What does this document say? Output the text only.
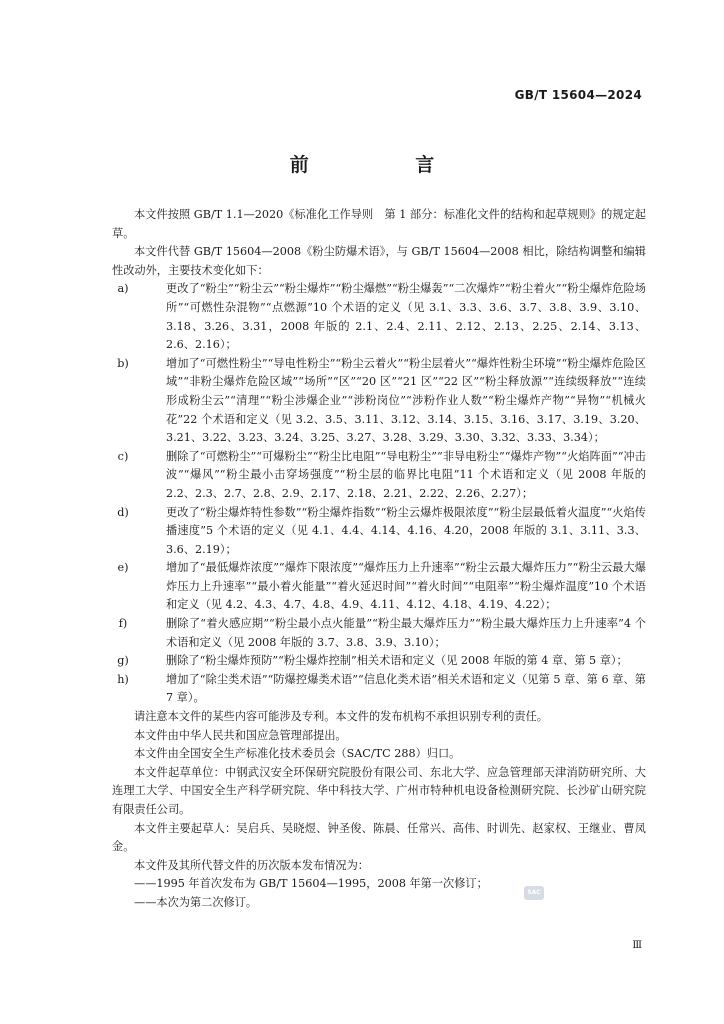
GB/T 15604—2024
前 言

本文件按照 GB/T 1.1—2020《标准化工作导则　第 1 部分：标准化文件的结构和起草规则》的规定起草。

本文件代替 GB/T 15604—2008《粉尘防爆术语》，与 GB/T 15604—2008 相比，除结构调整和编辑性改动外，主要技术变化如下：

a)	更改了“粉尘”“粉尘云”“粉尘爆炸”“粉尘爆燃”“粉尘爆轰”“二次爆炸”“粉尘着火”“粉尘爆炸危险场所”“可燃性杂混物”“点燃源”10 个术语的定义（见 3.1、3.3、3.6、3.7、3.8、3.9、3.10、3.18、3.26、3.31，2008 年版的 2.1、2.4、2.11、2.12、2.13、2.25、2.14、3.13、2.6、2.16）；
b)	增加了“可燃性粉尘”“导电性粉尘”“粉尘云着火”“粉尘层着火”“爆炸性粉尘环境”“粉尘爆炸危险区域”“非粉尘爆炸危险区域”“场所”“区”“20 区”“21 区”“22 区”“粉尘释放源”“连续级释放”“连续形成粉尘云”“清理”“粉尘涉爆企业”“涉粉岗位”“涉粉作业人数”“粉尘爆炸产物”“异物”“机械火花”22 个术语和定义（见 3.2、3.5、3.11、3.12、3.14、3.15、3.16、3.17、3.19、3.20、3.21、3.22、3.23、3.24、3.25、3.27、3.28、3.29、3.30、3.32、3.33、3.34）；
c)	删除了“可燃粉尘”“可爆粉尘”“粉尘比电阻”“导电粉尘”“非导电粉尘”“爆炸产物”“火焰阵面”“冲击波”“爆风”“粉尘最小击穿场强度”“粉尘层的临界比电阻”11 个术语和定义（见 2008 年版的 2.2、2.3、2.7、2.8、2.9、2.17、2.18、2.21、2.22、2.26、2.27）；
d)	更改了“粉尘爆炸特性参数”“粉尘爆炸指数”“粉尘云爆炸极限浓度”“粉尘层最低着火温度”“火焰传播速度”5 个术语的定义（见 4.1、4.4、4.14、4.16、4.20，2008 年版的 3.1、3.11、3.3、3.6、2.19）；
e)	增加了“最低爆炸浓度”“爆炸下限浓度”“爆炸压力上升速率”“粉尘云最大爆炸压力”“粉尘云最大爆炸压力上升速率”“最小着火能量”“着火延迟时间”“着火时间”“电阻率”“粉尘爆炸温度”10 个术语和定义（见 4.2、4.3、4.7、4.8、4.9、4.11、4.12、4.18、4.19、4.22）；
f)	删除了“着火感应期”“粉尘最小点火能量”“粉尘最大爆炸压力”“粉尘最大爆炸压力上升速率”4 个术语和定义（见 2008 年版的 3.7、3.8、3.9、3.10）；
g)	删除了“粉尘爆炸预防”“粉尘爆炸控制”相关术语和定义（见 2008 年版的第 4 章、第 5 章）；
h)	增加了“除尘类术语”“防爆控爆类术语”“信息化类术语”相关术语和定义（见第 5 章、第 6 章、第 7 章）。

请注意本文件的某些内容可能涉及专利。本文件的发布机构不承担识别专利的责任。

本文件由中华人民共和国应急管理部提出。

本文件由全国安全生产标准化技术委员会（SAC/TC 288）归口。

本文件起草单位：中钢武汉安全环保研究院股份有限公司、东北大学、应急管理部天津消防研究所、大连理工大学、中国安全生产科学研究院、华中科技大学、广州市特种机电设备检测研究院、长沙矿山研究院有限责任公司。

本文件主要起草人：吴启兵、吴晓煜、钟圣俊、陈晨、任常兴、高伟、时训先、赵家权、王继业、曹凤金。

本文件及其所代替文件的历次版本发布情况为：

——1995 年首次发布为 GB/T 15604—1995，2008 年第一次修订；

——本次为第二次修订。

SAC
Ⅲ
